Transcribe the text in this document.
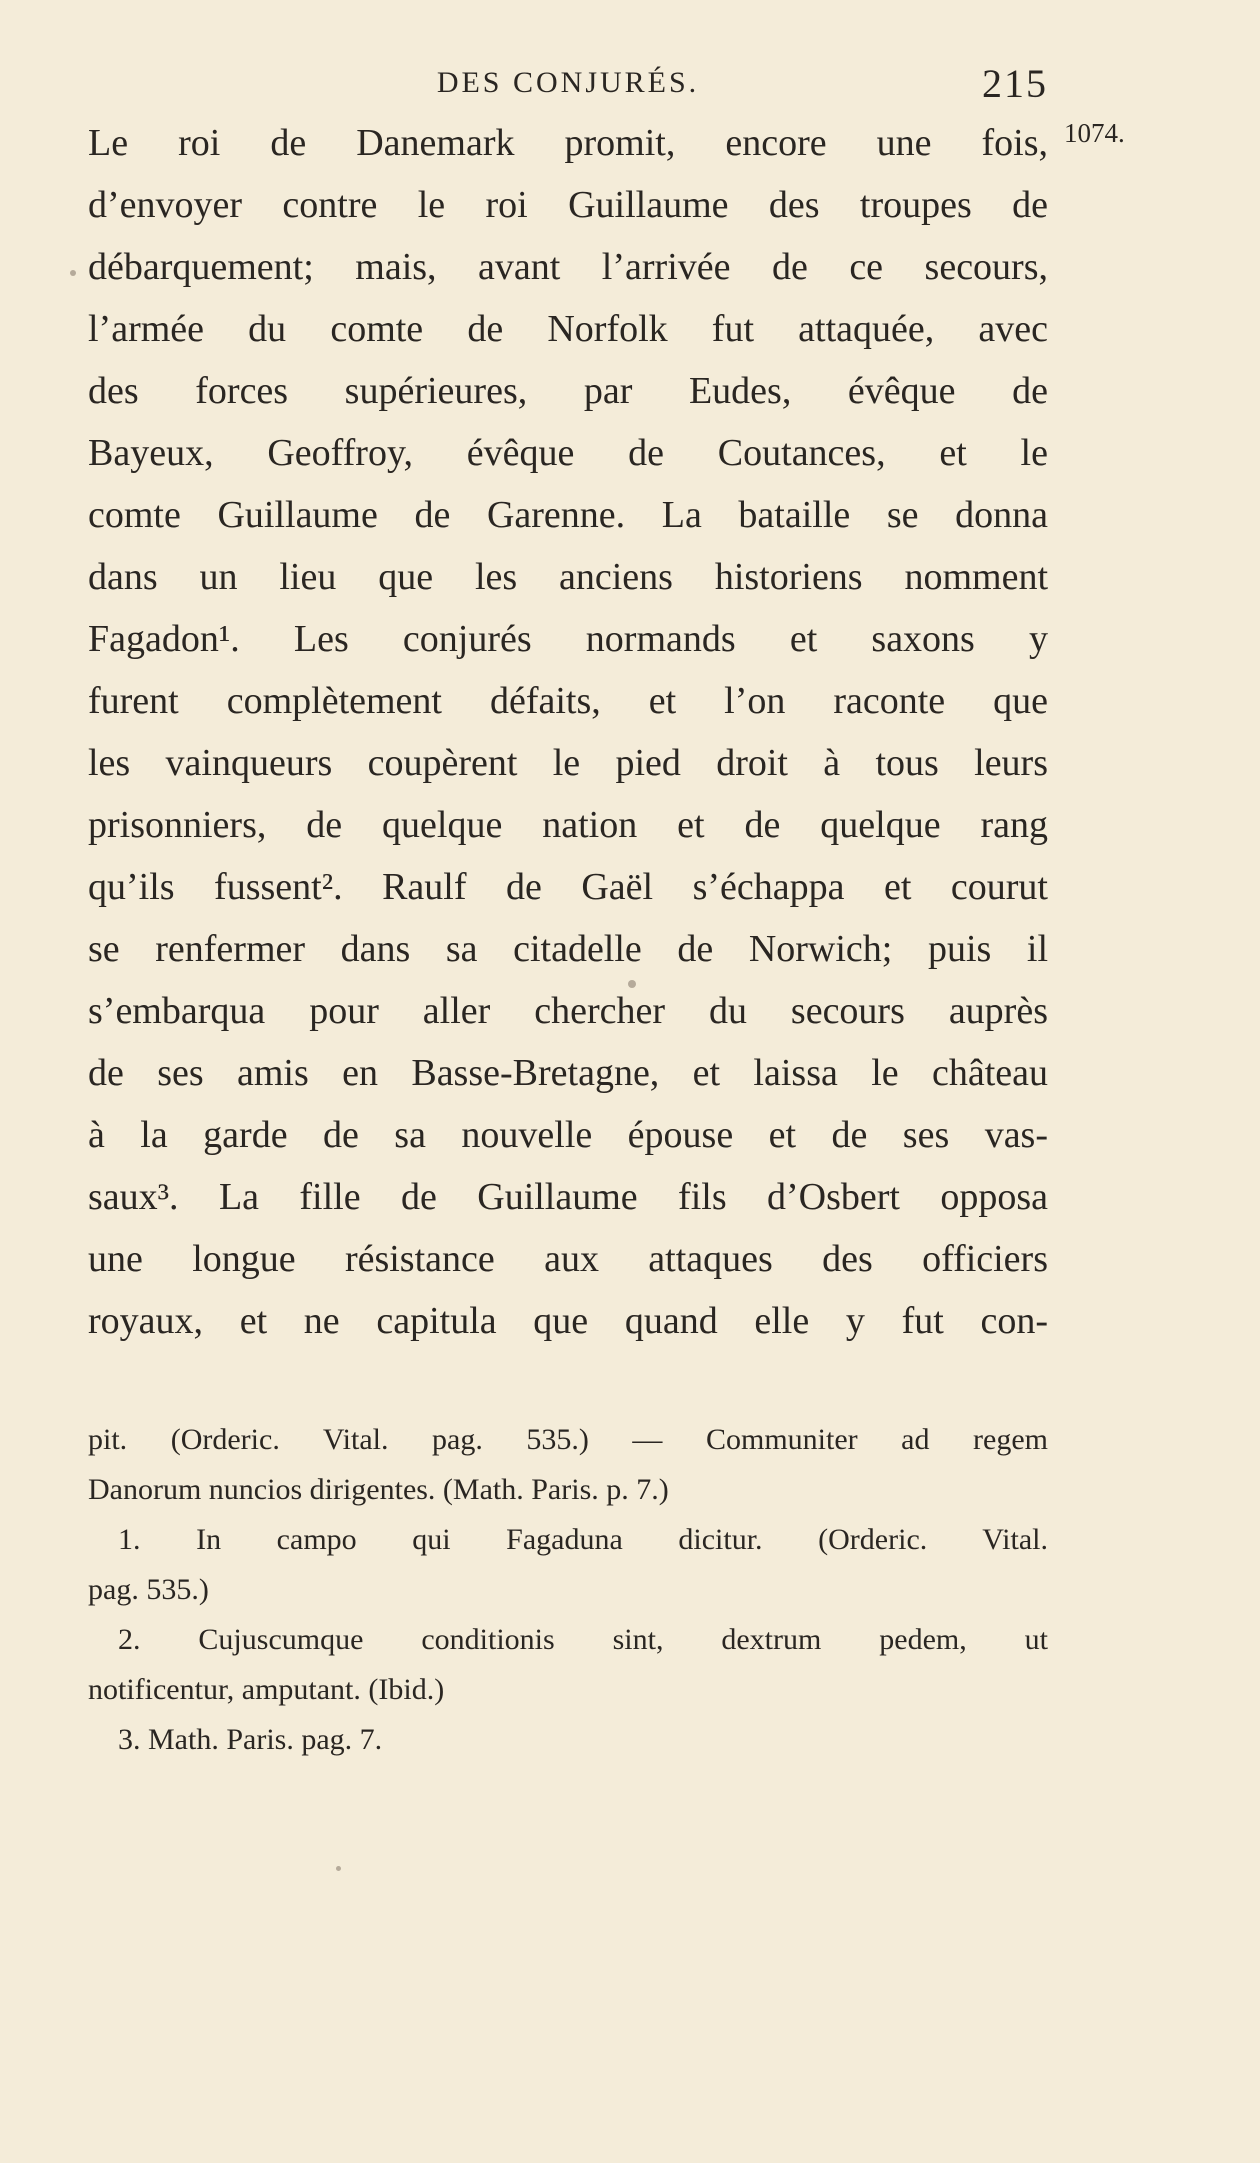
DES CONJURÉS.	215
1074.
Le roi de Danemark promit, encore une fois,
d’envoyer contre le roi Guillaume des troupes de
débarquement; mais, avant l’arrivée de ce secours,
l’armée du comte de Norfolk fut attaquée, avec
des forces supérieures, par Eudes, évêque de
Bayeux, Geoffroy, évêque de Coutances, et le
comte Guillaume de Garenne. La bataille se donna
dans un lieu que les anciens historiens nomment
Fagadon¹. Les conjurés normands et saxons y
furent complètement défaits, et l’on raconte que
les vainqueurs coupèrent le pied droit à tous leurs
prisonniers, de quelque nation et de quelque rang
qu’ils fussent². Raulf de Gaël s’échappa et courut
se renfermer dans sa citadelle de Norwich; puis il
s’embarqua pour aller chercher du secours auprès
de ses amis en Basse-Bretagne, et laissa le château
à la garde de sa nouvelle épouse et de ses vas-
saux³. La fille de Guillaume fils d’Osbert opposa
une longue résistance aux attaques des officiers
royaux, et ne capitula que quand elle y fut con-
pit. (Orderic. Vital. pag. 535.) — Communiter ad regem
Danorum nuncios dirigentes. (Math. Paris. p. 7.)
1. In campo qui Fagaduna dicitur. (Orderic. Vital.
pag. 535.)
2. Cujuscumque conditionis sint, dextrum pedem, ut
notificentur, amputant. (Ibid.)
3. Math. Paris. pag. 7.
